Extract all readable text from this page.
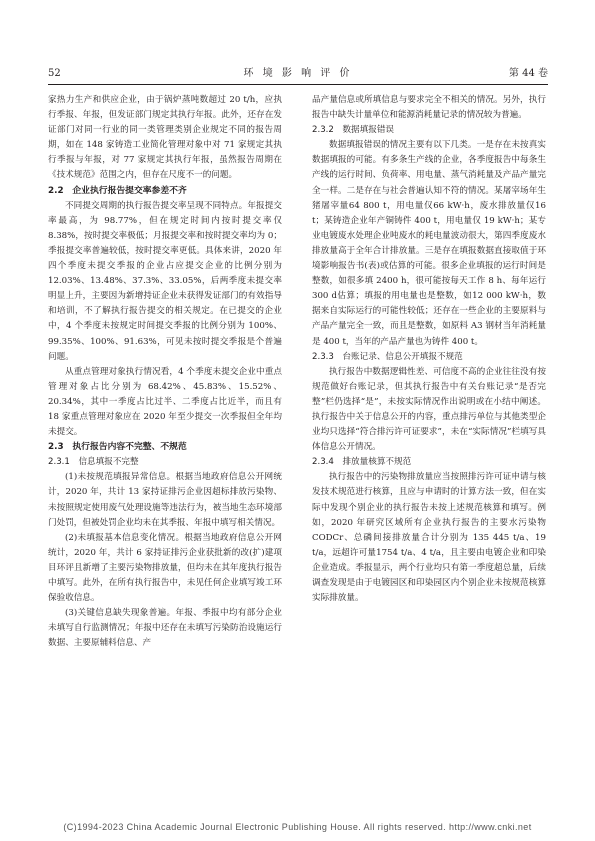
52	环 境 影 响 评 价	第 44 卷

家热力生产和供应企业，由于锅炉蒸吨数超过 20 t/h，应执行季报、年报，但发证部门规定其执行年报。此外，还存在发证部门对同一行业的同一类管理类别企业规定不同的报告周期，如在 148 家铸造工业简化管理对象中对 71 家规定其执行季报与年报，对 77 家规定其执行年报，虽然报告周期在《技术规范》范围之内，但存在尺度不一的问题。

2.2　企业执行报告提交率参差不齐

不同提交周期的执行报告提交率呈现不同特点。年报提交率最高，为 98.77%，但在规定时间内按时提交率仅 8.38%，按时提交率极低；月报提交率和按时提交率均为 0；季报提交率普遍较低，按时提交率更低。具体来讲，2020 年四个季度未提交季报的企业占应提交企业的比例分别为 12.03%、13.48%、37.3%、33.05%，后两季度未提交率明显上升，主要因为新增持证企业未获得发证部门的有效指导和培训，不了解执行报告提交的相关规定。在已提交的企业中，4 个季度未按规定时间提交季报的比例分别为 100%、99.35%、100%、91.63%，可见未按时提交季报是个普遍问题。

从重点管理对象执行情况看，4 个季度未提交企业中重点管理对象占比分别为 68.42%、45.83%、15.52%、20.34%，其中一季度占比过半、二季度占比近半，而且有 18 家重点管理对象应在 2020 年至少提交一次季报但全年均未提交。

2.3　执行报告内容不完整、不规范
2.3.1　信息填报不完整

(1)未按规范填报异常信息。根据当地政府信息公开网统计，2020 年，共计 13 家持证排污企业因超标排放污染物、未按照规定使用废气处理设施等违法行为，被当地生态环境部门处罚，但被处罚企业均未在其季报、年报中填写相关情况。

(2)未填报基本信息变化情况。根据当地政府信息公开网统计，2020 年，共计 6 家持证排污企业获批新的改(扩)建项目环评且新增了主要污染物排放量，但均未在其年度执行报告中填写。此外，在所有执行报告中，未见任何企业填写竣工环保验收信息。

(3)关键信息缺失现象普遍。年报、季报中均有部分企业未填写自行监测情况；年报中还存在未填写污染防治设施运行数据、主要原辅料信息、产

品产量信息或所填信息与要求完全不相关的情况。另外，执行报告中缺失计量单位和能源消耗量记录的情况较为普遍。

2.3.2　数据填报错误

数据填报错误的情况主要有以下几类。一是存在未按真实数据填报的可能。有多条生产线的企业，各季度报告中每条生产线的运行时间、负荷率、用电量、蒸气消耗量及产品产量完全一样。二是存在与社会普遍认知不符的情况。某屠宰场年生猪屠宰量64 800 t，用电量仅66 kW·h，废水排放量仅16 t；某铸造企业年产铜铸件 400 t，用电量仅 19 kW·h；某专业电镀废水处理企业吨废水的耗电量波动很大，第四季度废水排放量高于全年合计排放量。三是存在填报数据直接取值于环境影响报告书(表)或估算的可能。很多企业填报的运行时间是整数，如很多填 2400 h，很可能按每天工作 8 h、每年运行 300 d估算；填报的用电量也是整数，如12 000 kW·h，数据来自实际运行的可能性较低；还存在一些企业的主要原料与产品产量完全一致，而且是整数，如原料 A3 钢材当年消耗量是 400 t，当年的产品产量也为铸件 400 t。

2.3.3　台账记录、信息公开填报不规范

执行报告中数据逻辑性差、可信度不高的企业往往没有按规范做好台账记录，但其执行报告中有关台账记录“是否完整”栏仍选择“是”，未按实际情况作出说明或在小结中阐述。执行报告中关于信息公开的内容，重点排污单位与其他类型企业均只选择“符合排污许可证要求”，未在“实际情况”栏填写具体信息公开情况。

2.3.4　排放量核算不规范

执行报告中的污染物排放量应当按照排污许可证申请与核发技术规范进行核算，且应与申请时的计算方法一致，但在实际中发现个别企业的执行报告未按上述规范核算和填写。例如，2020 年研究区域所有企业执行报告的主要水污染物 CODCr、总磷间接排放量合计分别为 135 445 t/a、19 t/a，远超许可量1754 t/a、4 t/a，且主要由电镀企业和印染企业造成。季报显示，两个行业均只有第一季度超总量，后续调查发现是由于电镀园区和印染园区内个别企业未按规范核算实际排放量。

(C)1994-2023 China Academic Journal Electronic Publishing House. All rights reserved. http://www.cnki.net
